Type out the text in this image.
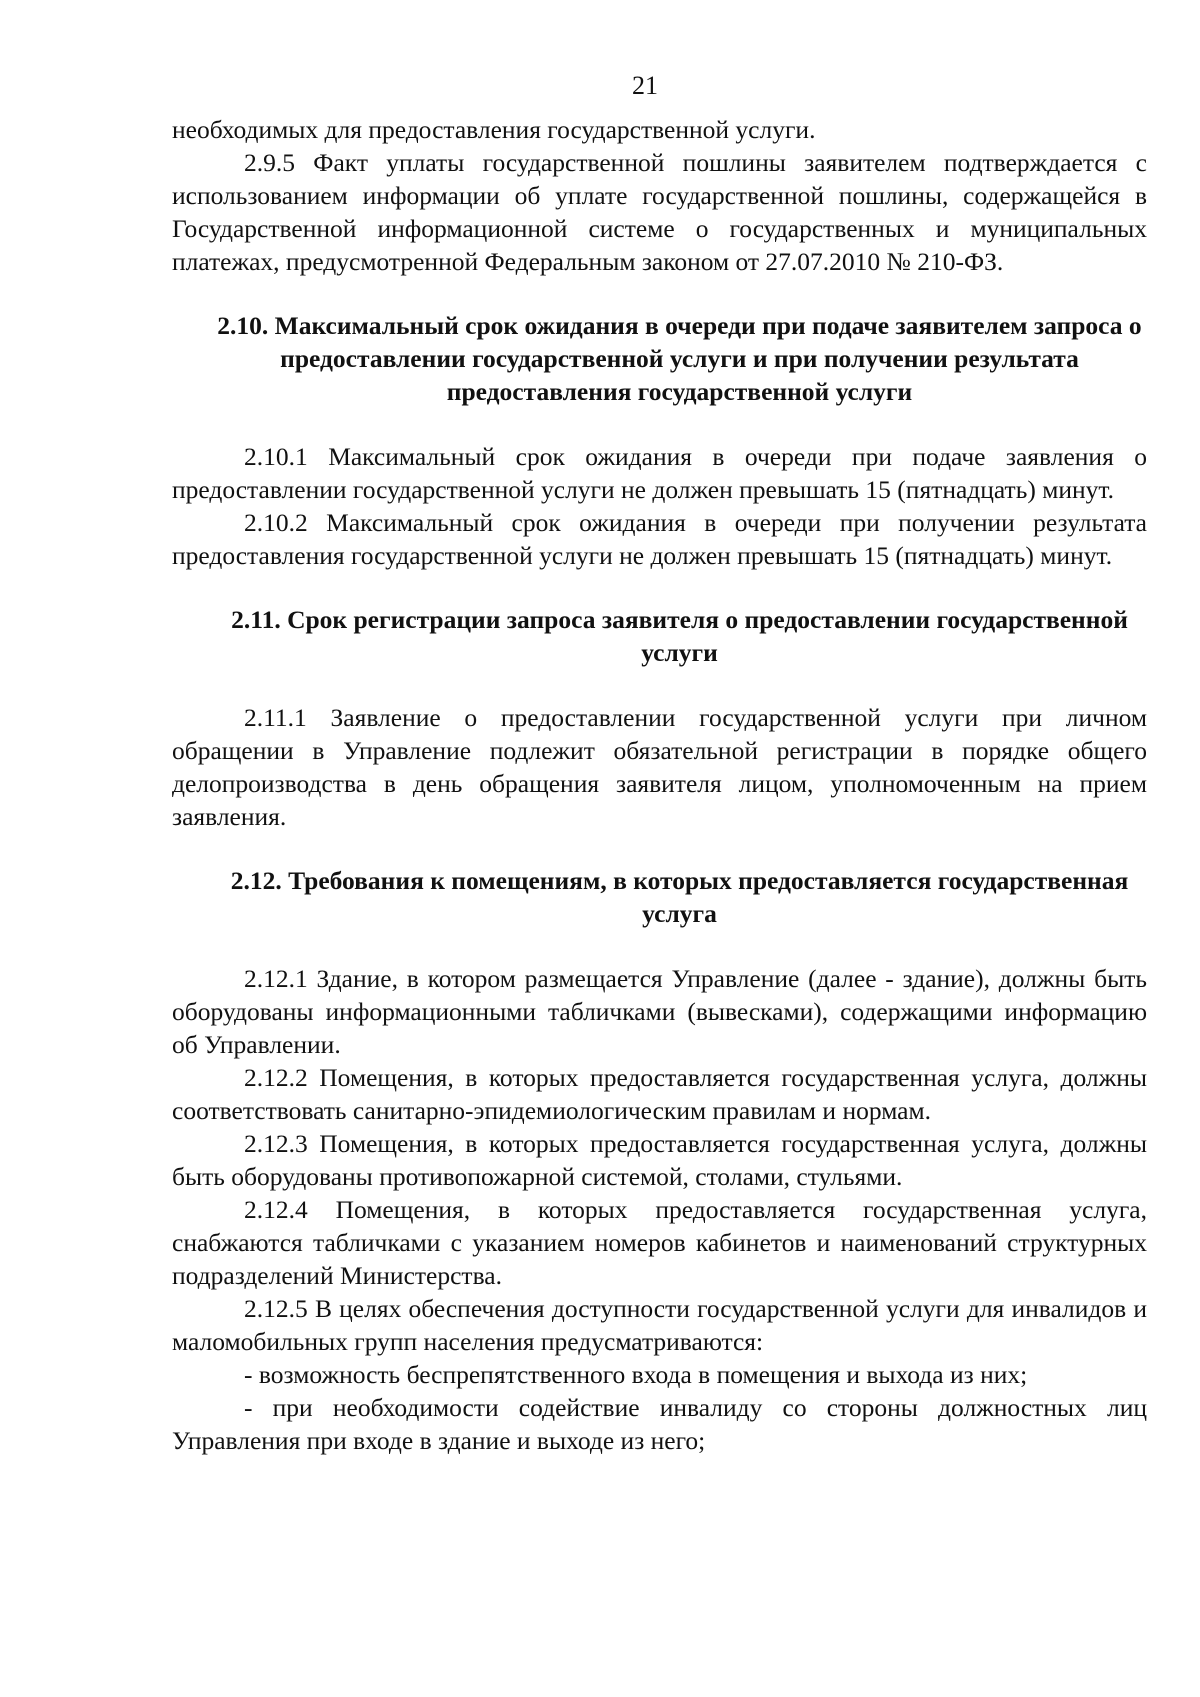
21

необходимых для предоставления государственной услуги.

2.9.5 Факт уплаты государственной пошлины заявителем подтверждается с использованием информации об уплате государственной пошлины, содержащейся в Государственной информационной системе о государственных и муниципальных платежах, предусмотренной Федеральным законом от 27.07.2010 № 210-ФЗ.

2.10. Максимальный срок ожидания в очереди при подаче заявителем запроса о предоставлении государственной услуги и при получении результата предоставления государственной услуги

2.10.1 Максимальный срок ожидания в очереди при подаче заявления о предоставлении государственной услуги не должен превышать 15 (пятнадцать) минут.

2.10.2 Максимальный срок ожидания в очереди при получении результата предоставления государственной услуги не должен превышать 15 (пятнадцать) минут.

2.11. Срок регистрации запроса заявителя о предоставлении государственной услуги

2.11.1 Заявление о предоставлении государственной услуги при личном обращении в Управление подлежит обязательной регистрации в порядке общего делопроизводства в день обращения заявителя лицом, уполномоченным на прием заявления.

2.12. Требования к помещениям, в которых предоставляется государственная услуга

2.12.1 Здание, в котором размещается Управление (далее - здание), должны быть оборудованы информационными табличками (вывесками), содержащими информацию об Управлении.

2.12.2 Помещения, в которых предоставляется государственная услуга, должны соответствовать санитарно-эпидемиологическим правилам и нормам.

2.12.3 Помещения, в которых предоставляется государственная услуга, должны быть оборудованы противопожарной системой, столами, стульями.

2.12.4 Помещения, в которых предоставляется государственная услуга, снабжаются табличками с указанием номеров кабинетов и наименований структурных подразделений Министерства.

2.12.5 В целях обеспечения доступности государственной услуги для инвалидов и маломобильных групп населения предусматриваются:

- возможность беспрепятственного входа в помещения и выхода из них;

- при необходимости содействие инвалиду со стороны должностных лиц Управления при входе в здание и выходе из него;
